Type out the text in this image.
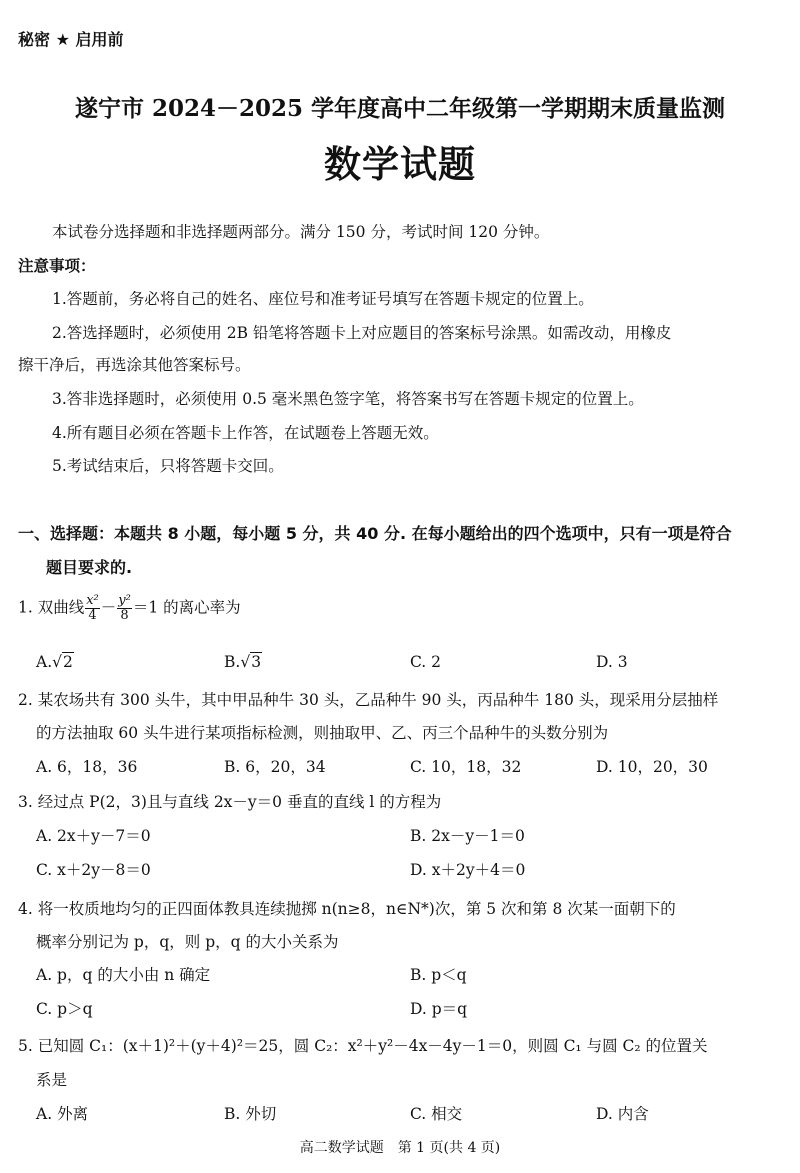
秘密 ★ 启用前
遂宁市 2024－2025 学年度高中二年级第一学期期末质量监测
数学试题
本试卷分选择题和非选择题两部分。满分 150 分，考试时间 120 分钟。
注意事项：
1.答题前，务必将自己的姓名、座位号和准考证号填写在答题卡规定的位置上。
2.答选择题时，必须使用 2B 铅笔将答题卡上对应题目的答案标号涂黑。如需改动，用橡皮
擦干净后，再选涂其他答案标号。
3.答非选择题时，必须使用 0.5 毫米黑色签字笔，将答案书写在答题卡规定的位置上。
4.所有题目必须在答题卡上作答，在试题卷上答题无效。
5.考试结束后，只将答题卡交回。
一、选择题：本题共 8 小题，每小题 5 分，共 40 分. 在每小题给出的四个选项中，只有一项是符合
题目要求的.
1. 双曲线 $\frac{\text{x²}}{4} - \frac{\text{y²}}{8} =1$ 的离心率为
A.√2	B.√3	C. 2	D. 3
2. 某农场共有 300 头牛，其中甲品种牛 30 头，乙品种牛 90 头，丙品种牛 180 头，现采用分层抽样
的方法抽取 60 头牛进行某项指标检测，则抽取甲、乙、丙三个品种牛的头数分别为
A. 6，18，36	B. 6，20，34	C. 10，18，32	D. 10，20，30
3. 经过点 P(2，3)且与直线 2x－y＝0 垂直的直线 l 的方程为
A. 2x＋y－7＝0	B. 2x－y－1＝0
C. x＋2y－8＝0	D. x＋2y＋4＝0
4. 将一枚质地均匀的正四面体教具连续抛掷 n(n≥8，n∈N*)次，第 5 次和第 8 次某一面朝下的
概率分别记为 p，q，则 p，q 的大小关系为
A. p，q 的大小由 n 确定	B. p＜q
C. p＞q	D. p＝q
5. 已知圆 C₁：(x＋1)²＋(y＋4)²＝25，圆 C₂：x²＋y²－4x－4y－1＝0，则圆 C₁ 与圆 C₂ 的位置关
系是
A. 外离	B. 外切	C. 相交	D. 内含
高二数学试题　第 1 页(共 4 页)
